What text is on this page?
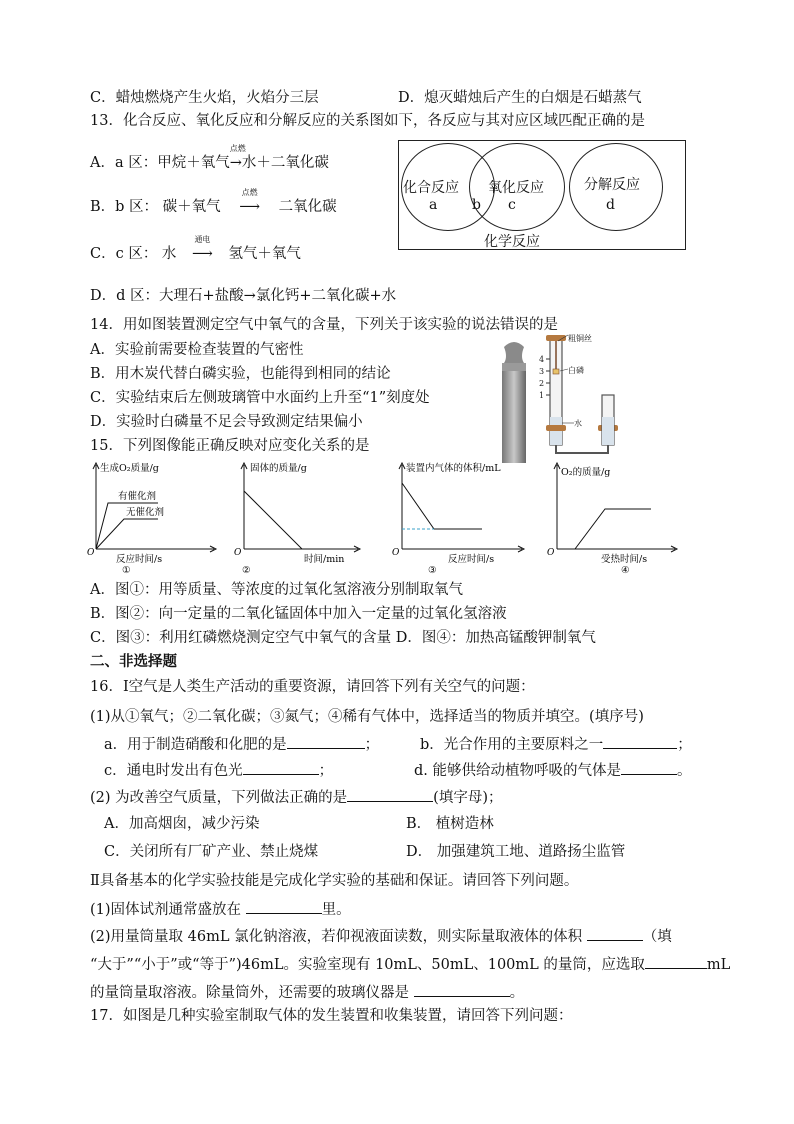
C．蜡烛燃烧产生火焰，火焰分三层	D．熄灭蜡烛后产生的白烟是石蜡蒸气
13．化合反应、氧化反应和分解反应的关系图如下，各反应与其对应区域匹配正确的是
A．a 区：甲烷＋氧气
点燃
→水＋二氧化碳
B．b 区： 碳＋氧气
点燃
⟶ 二氧化碳
C．c 区： 水
通电
⟶ 氢气＋氧气
D．d 区：大理石+盐酸→氯化钙+二氧化碳+水
化合反应 氧化反应	分解反应
a b c	d
化学反应
14．用如图装置测定空气中氧气的含量，下列关于该实验的说法错误的是
A．实验前需要检查装置的气密性
B．用木炭代替白磷实验，也能得到相同的结论
C．实验结束后左侧玻璃管中水面约上升至“1”刻度处
D．实验时白磷量不足会导致测定结果偏小
4
3
2
1
粗铜丝
白磷
水
15．下列图像能正确反映对应变化关系的是
生成O₂质量/g
有催化剂
无催化剂
O
反应时间/s
①
固体的质量/g
O
时间/min
②
装置内气体的体积/mL
O
反应时间/s
③
O₂的质量/g
O
受热时间/s
④
A．图①：用等质量、等浓度的过氧化氢溶液分别制取氧气
B．图②：向一定量的二氧化锰固体中加入一定量的过氧化氢溶液
C．图③：利用红磷燃烧测定空气中氧气的含量 D．图④：加热高锰酸钾制氧气
二、非选择题
16．Ⅰ空气是人类生产活动的重要资源，请回答下列有关空气的问题：
(1)从①氧气；②二氧化碳；③氮气；④稀有气体中，选择适当的物质并填空。(填序号)
a．用于制造硝酸和化肥的是	；	b．光合作用的主要原料之一	；
c．通电时发出有色光	；	d. 能够供给动植物呼吸的气体是	。
(2) 为改善空气质量，下列做法正确的是	(填字母)；
A．加高烟囱，减少污染	B． 植树造林
C．关闭所有厂矿产业、禁止烧煤	D． 加强建筑工地、道路扬尘监管
Ⅱ具备基本的化学实验技能是完成化学实验的基础和保证。请回答下列问题。
(1)固体试剂通常盛放在	里。
(2)用量筒量取 46mL 氯化钠溶液，若仰视液面读数，则实际量取液体的体积	（填
“大于”“小于”或“等于”)46mL。实验室现有 10mL、50mL、100mL 的量筒，应选取	mL
的量筒量取溶液。除量筒外，还需要的玻璃仪器是	。
17．如图是几种实验室制取气体的发生装置和收集装置，请回答下列问题：
